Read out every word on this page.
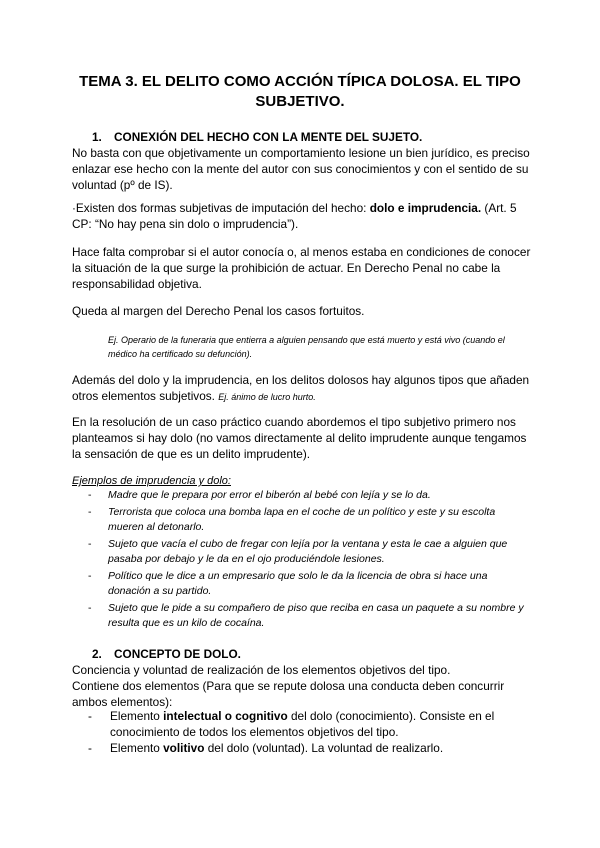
TEMA 3. EL DELITO COMO ACCIÓN TÍPICA DOLOSA. EL TIPO SUBJETIVO.
1. CONEXIÓN DEL HECHO CON LA MENTE DEL SUJETO.
No basta con que objetivamente un comportamiento lesione un bien jurídico, es preciso enlazar ese hecho con la mente del autor con sus conocimientos y con el sentido de su voluntad (pº de IS).
·Existen dos formas subjetivas de imputación del hecho: dolo e imprudencia. (Art. 5 CP: “No hay pena sin dolo o imprudencia”).
Hace falta comprobar si el autor conocía o, al menos estaba en condiciones de conocer la situación de la que surge la prohibición de actuar. En Derecho Penal no cabe la responsabilidad objetiva.
Queda al margen del Derecho Penal los casos fortuitos.
Ej. Operario de la funeraria que entierra a alguien pensando que está muerto y está vivo (cuando el médico ha certificado su defunción).
Además del dolo y la imprudencia, en los delitos dolosos hay algunos tipos que añaden otros elementos subjetivos. Ej. ánimo de lucro hurto.
En la resolución de un caso práctico cuando abordemos el tipo subjetivo primero nos planteamos si hay dolo (no vamos directamente al delito imprudente aunque tengamos la sensación de que es un delito imprudente).
Ejemplos de imprudencia y dolo:
- Madre que le prepara por error el biberón al bebé con lejía y se lo da.
- Terrorista que coloca una bomba lapa en el coche de un político y este y su escolta mueren al detonarlo.
- Sujeto que vacía el cubo de fregar con lejía por la ventana y esta le cae a alguien que pasaba por debajo y le da en el ojo produciéndole lesiones.
- Político que le dice a un empresario que solo le da la licencia de obra si hace una donación a su partido.
- Sujeto que le pide a su compañero de piso que reciba en casa un paquete a su nombre y resulta que es un kilo de cocaína.
2. CONCEPTO DE DOLO.
Conciencia y voluntad de realización de los elementos objetivos del tipo.
Contiene dos elementos (Para que se repute dolosa una conducta deben concurrir ambos elementos):
- Elemento intelectual o cognitivo del dolo (conocimiento). Consiste en el conocimiento de todos los elementos objetivos del tipo.
- Elemento volitivo del dolo (voluntad). La voluntad de realizarlo.
